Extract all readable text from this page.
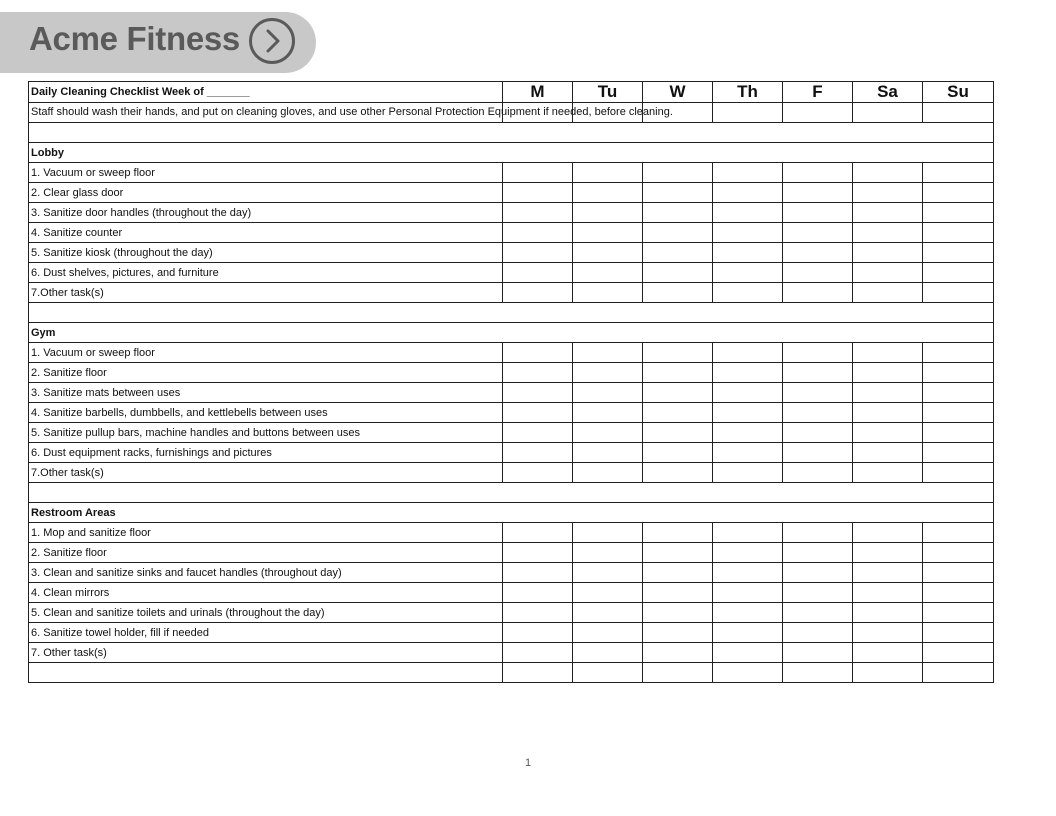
Acme Fitness
Daily Cleaning Checklist Week of _______	M	Tu	W	Th	F	Sa	Su
Staff should wash their hands, and put on cleaning gloves, and use other Personal Protection Equipment if needed, before cleaning.							

Lobby							
1. Vacuum or sweep floor							
2. Clear glass door							
3. Sanitize door handles (throughout the day)							
4. Sanitize counter							
5. Sanitize kiosk (throughout the day)							
6. Dust shelves, pictures, and furniture							
7.Other task(s)							

Gym							
1. Vacuum or sweep floor							
2. Sanitize floor							
3. Sanitize mats between uses							
4. Sanitize barbells, dumbbells, and kettlebells between uses							
5. Sanitize pullup bars, machine handles and buttons between uses							
6. Dust equipment racks, furnishings and pictures							
7.Other task(s)							

Restroom Areas							
1. Mop and sanitize floor							
2. Sanitize floor							
3. Clean and sanitize sinks and faucet handles (throughout day)							
4. Clean mirrors							
5. Clean and sanitize toilets and urinals (throughout the day)							
6. Sanitize towel holder, fill if needed							
7. Other task(s)							

1
